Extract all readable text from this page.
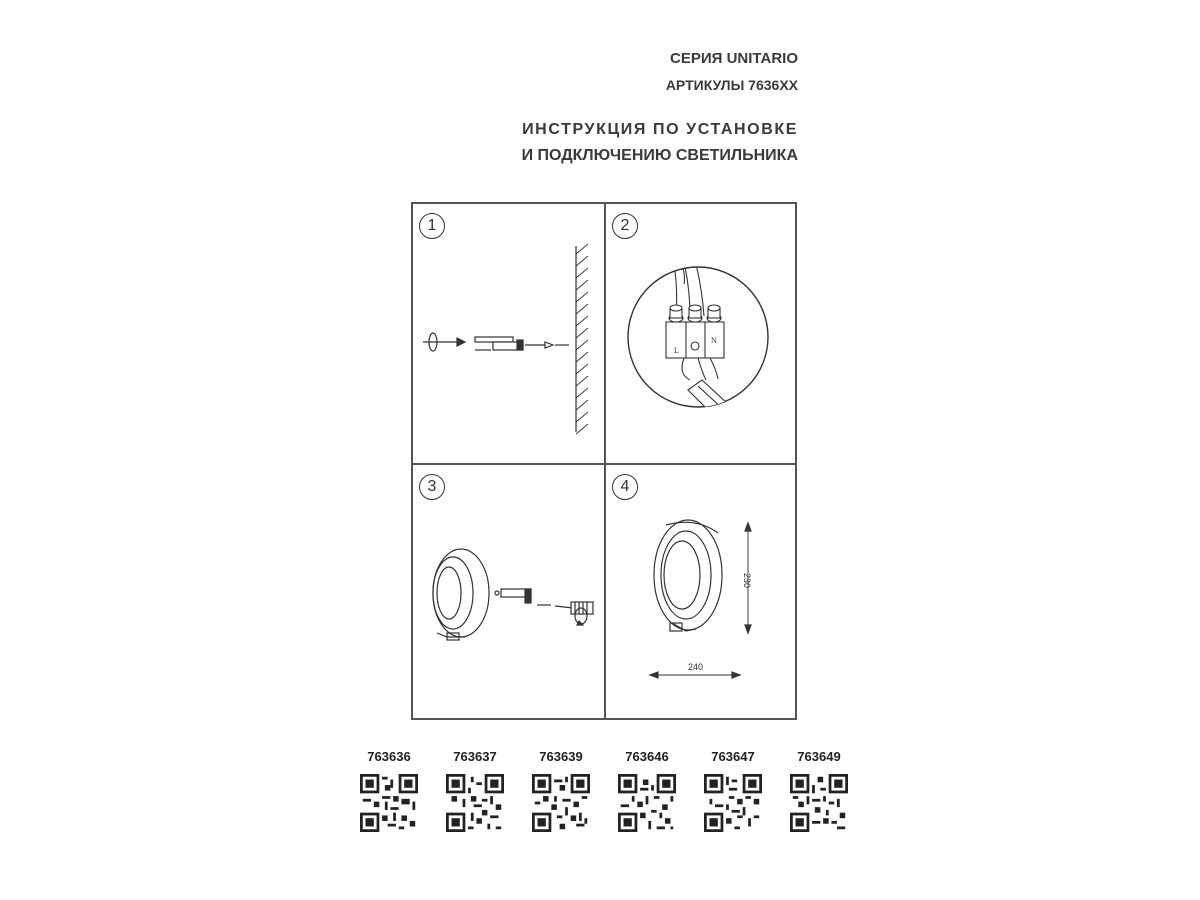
СЕРИЯ UNITARIO
АРТИКУЛЫ 7636XX
ИНСТРУКЦИЯ ПО УСТАНОВКЕ
И ПОДКЛЮЧЕНИЮ СВЕТИЛЬНИКА
1	2
L
N
3	4
230
240
763636	763637	763639	763646	763647	763649
